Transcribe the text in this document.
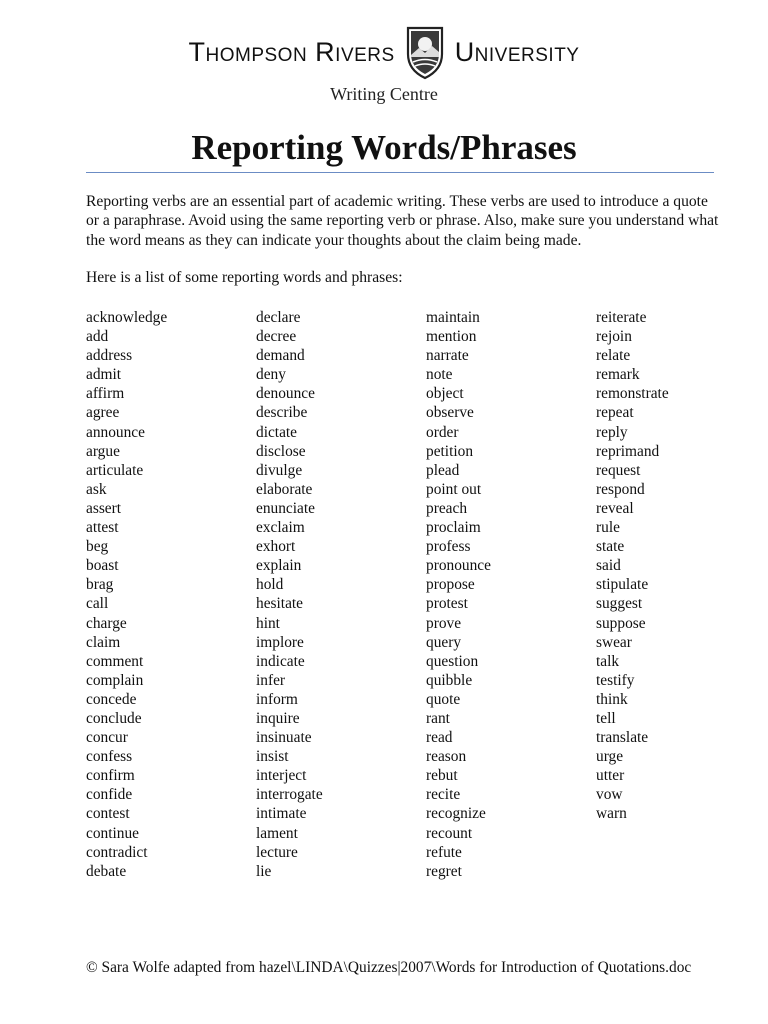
Thompson Rivers University
Writing Centre
Reporting Words/Phrases

Reporting verbs are an essential part of academic writing. These verbs are used to introduce a quote or a paraphrase. Avoid using the same reporting verb or phrase. Also, make sure you understand what the word means as they can indicate your thoughts about the claim being made.

Here is a list of some reporting words and phrases:

acknowledge
add
address
admit
affirm
agree
announce
argue
articulate
ask
assert
attest
beg
boast
brag
call
charge
claim
comment
complain
concede
conclude
concur
confess
confirm
confide
contest
continue
contradict
debate
declare
decree
demand
deny
denounce
describe
dictate
disclose
divulge
elaborate
enunciate
exclaim
exhort
explain
hold
hesitate
hint
implore
indicate
infer
inform
inquire
insinuate
insist
interject
interrogate
intimate
lament
lecture
lie
maintain
mention
narrate
note
object
observe
order
petition
plead
point out
preach
proclaim
profess
pronounce
propose
protest
prove
query
question
quibble
quote
rant
read
reason
rebut
recite
recognize
recount
refute
regret
reiterate
rejoin
relate
remark
remonstrate
repeat
reply
reprimand
request
respond
reveal
rule
state
said
stipulate
suggest
suppose
swear
talk
testify
think
tell
translate
urge
utter
vow
warn

© Sara Wolfe adapted from hazel\LINDA\Quizzes|2007\Words for Introduction of Quotations.doc
